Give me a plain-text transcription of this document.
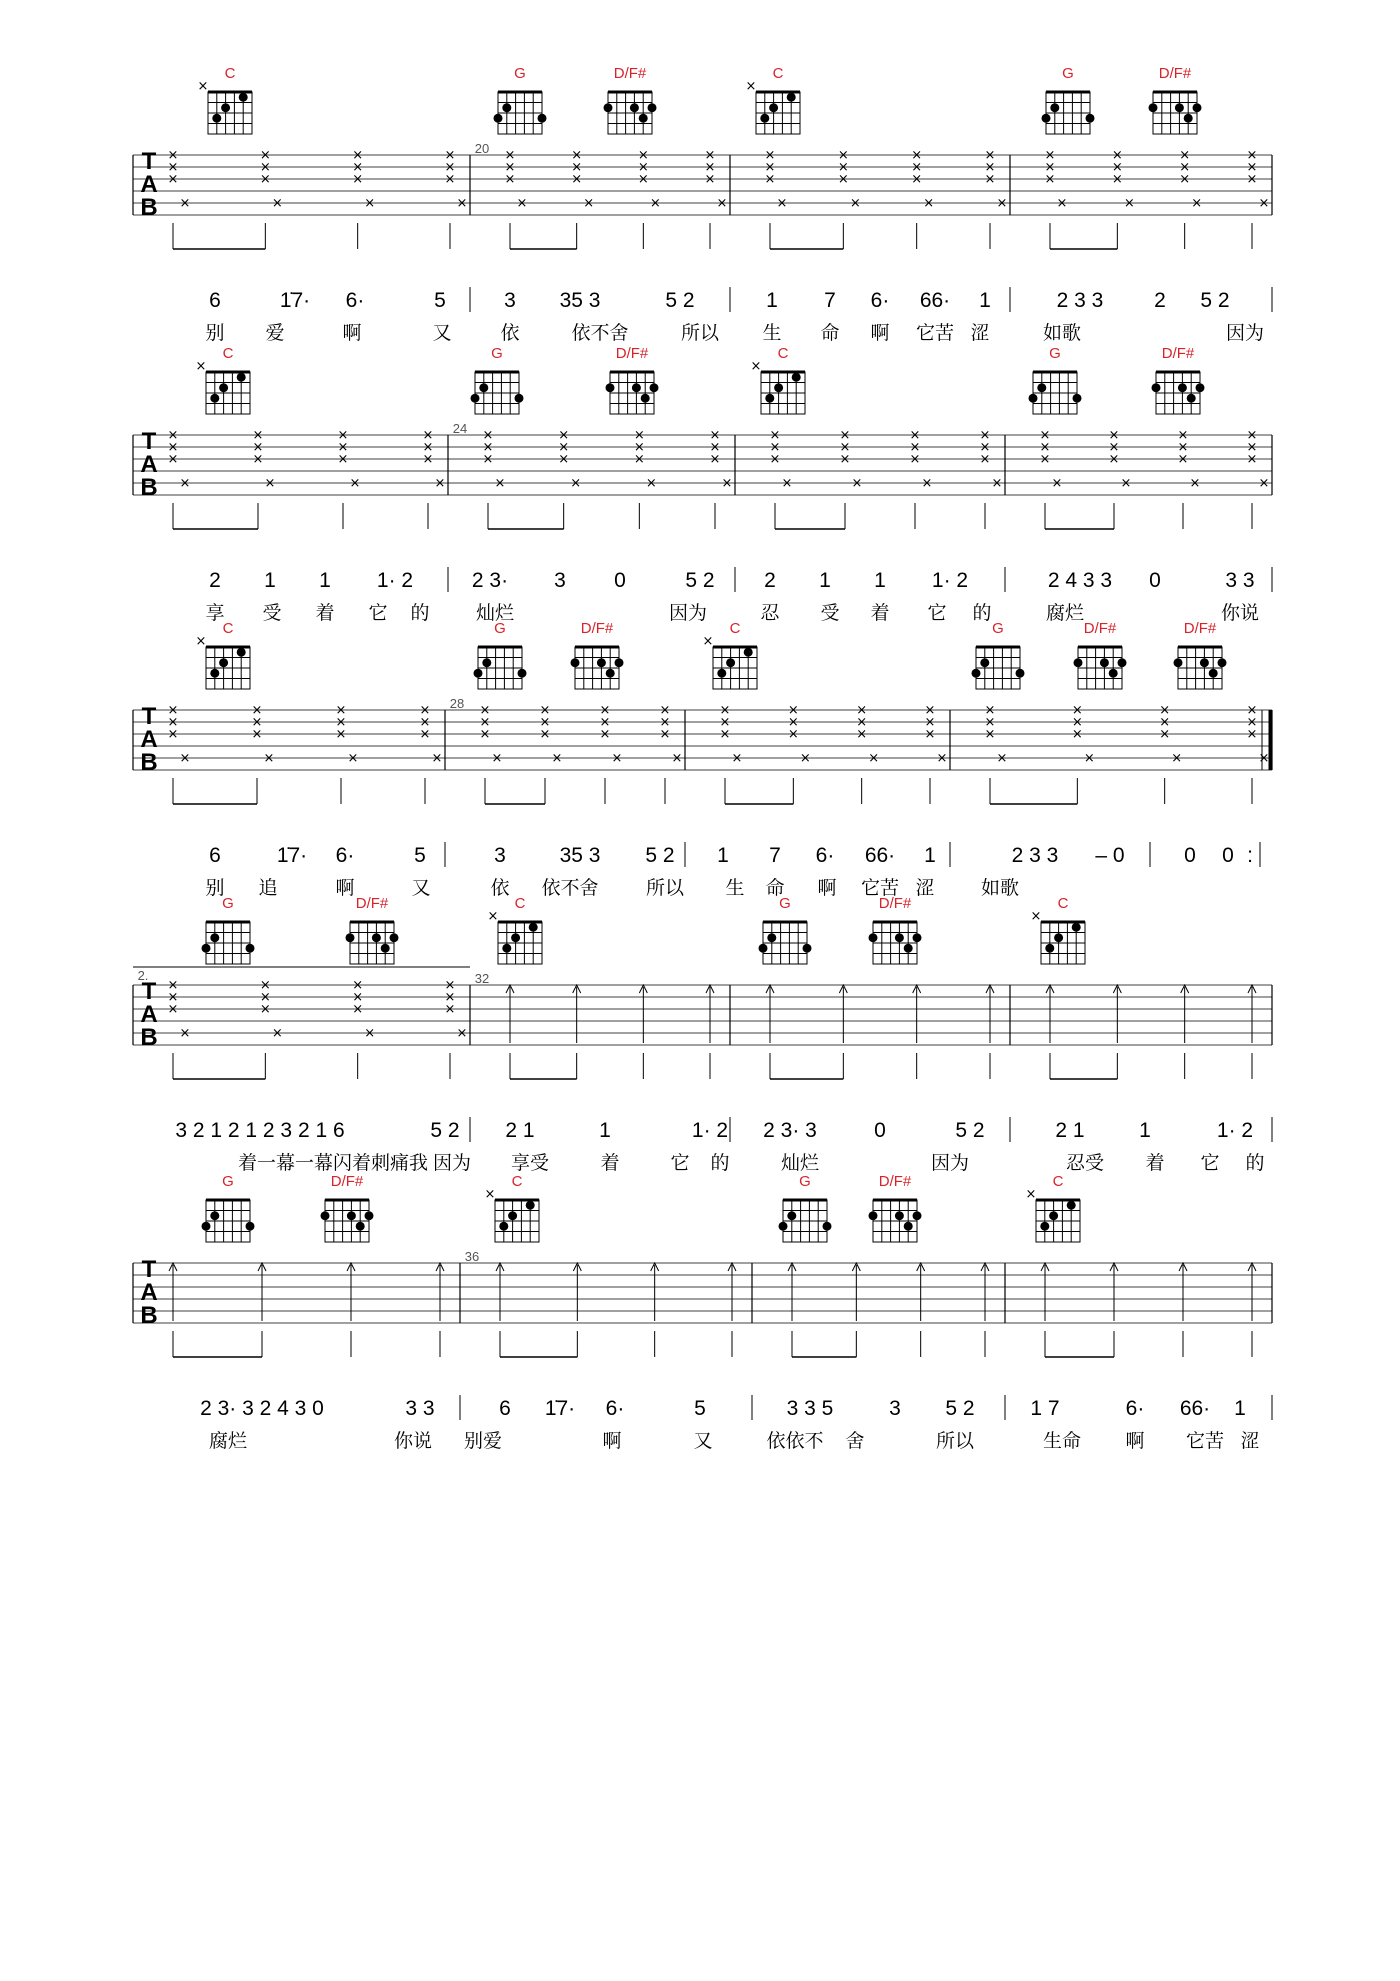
C
×
G	D/F#	C
×
G	D/F#
T
A
B
20
×
×
×
×
×
×
×
×
×
×
×
×
×
×
×
×
×
×
×
×
×
×
×
×
×
×
×
×
×
×
×
×
×
×
×
×
×
×
×
×
×
×
×
×
×
×
×
×
×
×
×
×
×
×
×
×
×
×
×
×
×
×
×
×
6	1̇7· 6·	5	3 35 3	5 2	1 7 6· 66· 1	2 3 3 2 5 2
别 爱	啊	又	依	依不舍	所以 生 命 啊 它苦 涩	如歌	因为
C
×
G	D/F#	C
×
G	D/F#
T
A
B
24
×
×
×
×
×
×
×
×
×
×
×
×
×
×
×
×
×
×
×
×
×
×
×
×
×
×
×
×
×
×
×
×
×
×
×
×
×
×
×
×
×
×
×
×
×
×
×
×
×
×
×
×
×
×
×
×
×
×
×
×
×
×
×
×
2 1 1 1· 2	2 3· 3 0	5 2 2 1 1 1· 2	2 4 3 3 0	3 3
享 受 着 它 的 灿烂	因为	忍 受 着 它 的	腐烂	你说
C
×
G	D/F#	C
×
G	D/F#	D/F#
T
A
B
28
×
×
×
×
×
×
×
×
×
×
×
×
×
×
×
×
×
×
×
×
×
×
×
×
×
×
×
×
×
×
×
×
×
×
×
×
×
×
×
×
×
×
×
×
×
×
×
×
×
×
×
×
×
×
×
×
×
×
×
×
×
×
×
×
6	1̇7· 6·	5	3	35 3 5 2 1 7 6· 66· 1	2 3 3 – 0	0 0 :
别 追	啊	又	依 依不舍 所以 生 命 啊 它苦 涩 如歌
G	D/F#	C
×
G	D/F#	C
×
T
A
B
32
2.
×
×
×
×
×
×
×
×
×
×
×
×
×
×
×
×
3 2 1 2 1 2 3 2 1 6	5 2 2 1	1	1· 2 2 3· 3	0	5 2	2 1	1	1· 2
着一幕一幕闪着刺痛我 因为 享受	着	它 的	灿烂	因为	忍受 着 它 的
G	D/F#	C
×
G	D/F#	C
×
T
A
B
36
2 3· 3 2 4 3 0	3 3	6 1̇7· 6·	5	3 3 5	3 5 2	1 7	6· 66· 1
腐烂	你说 别爱	啊	又	依依不 舍	所以	生命 啊 它苦 涩
